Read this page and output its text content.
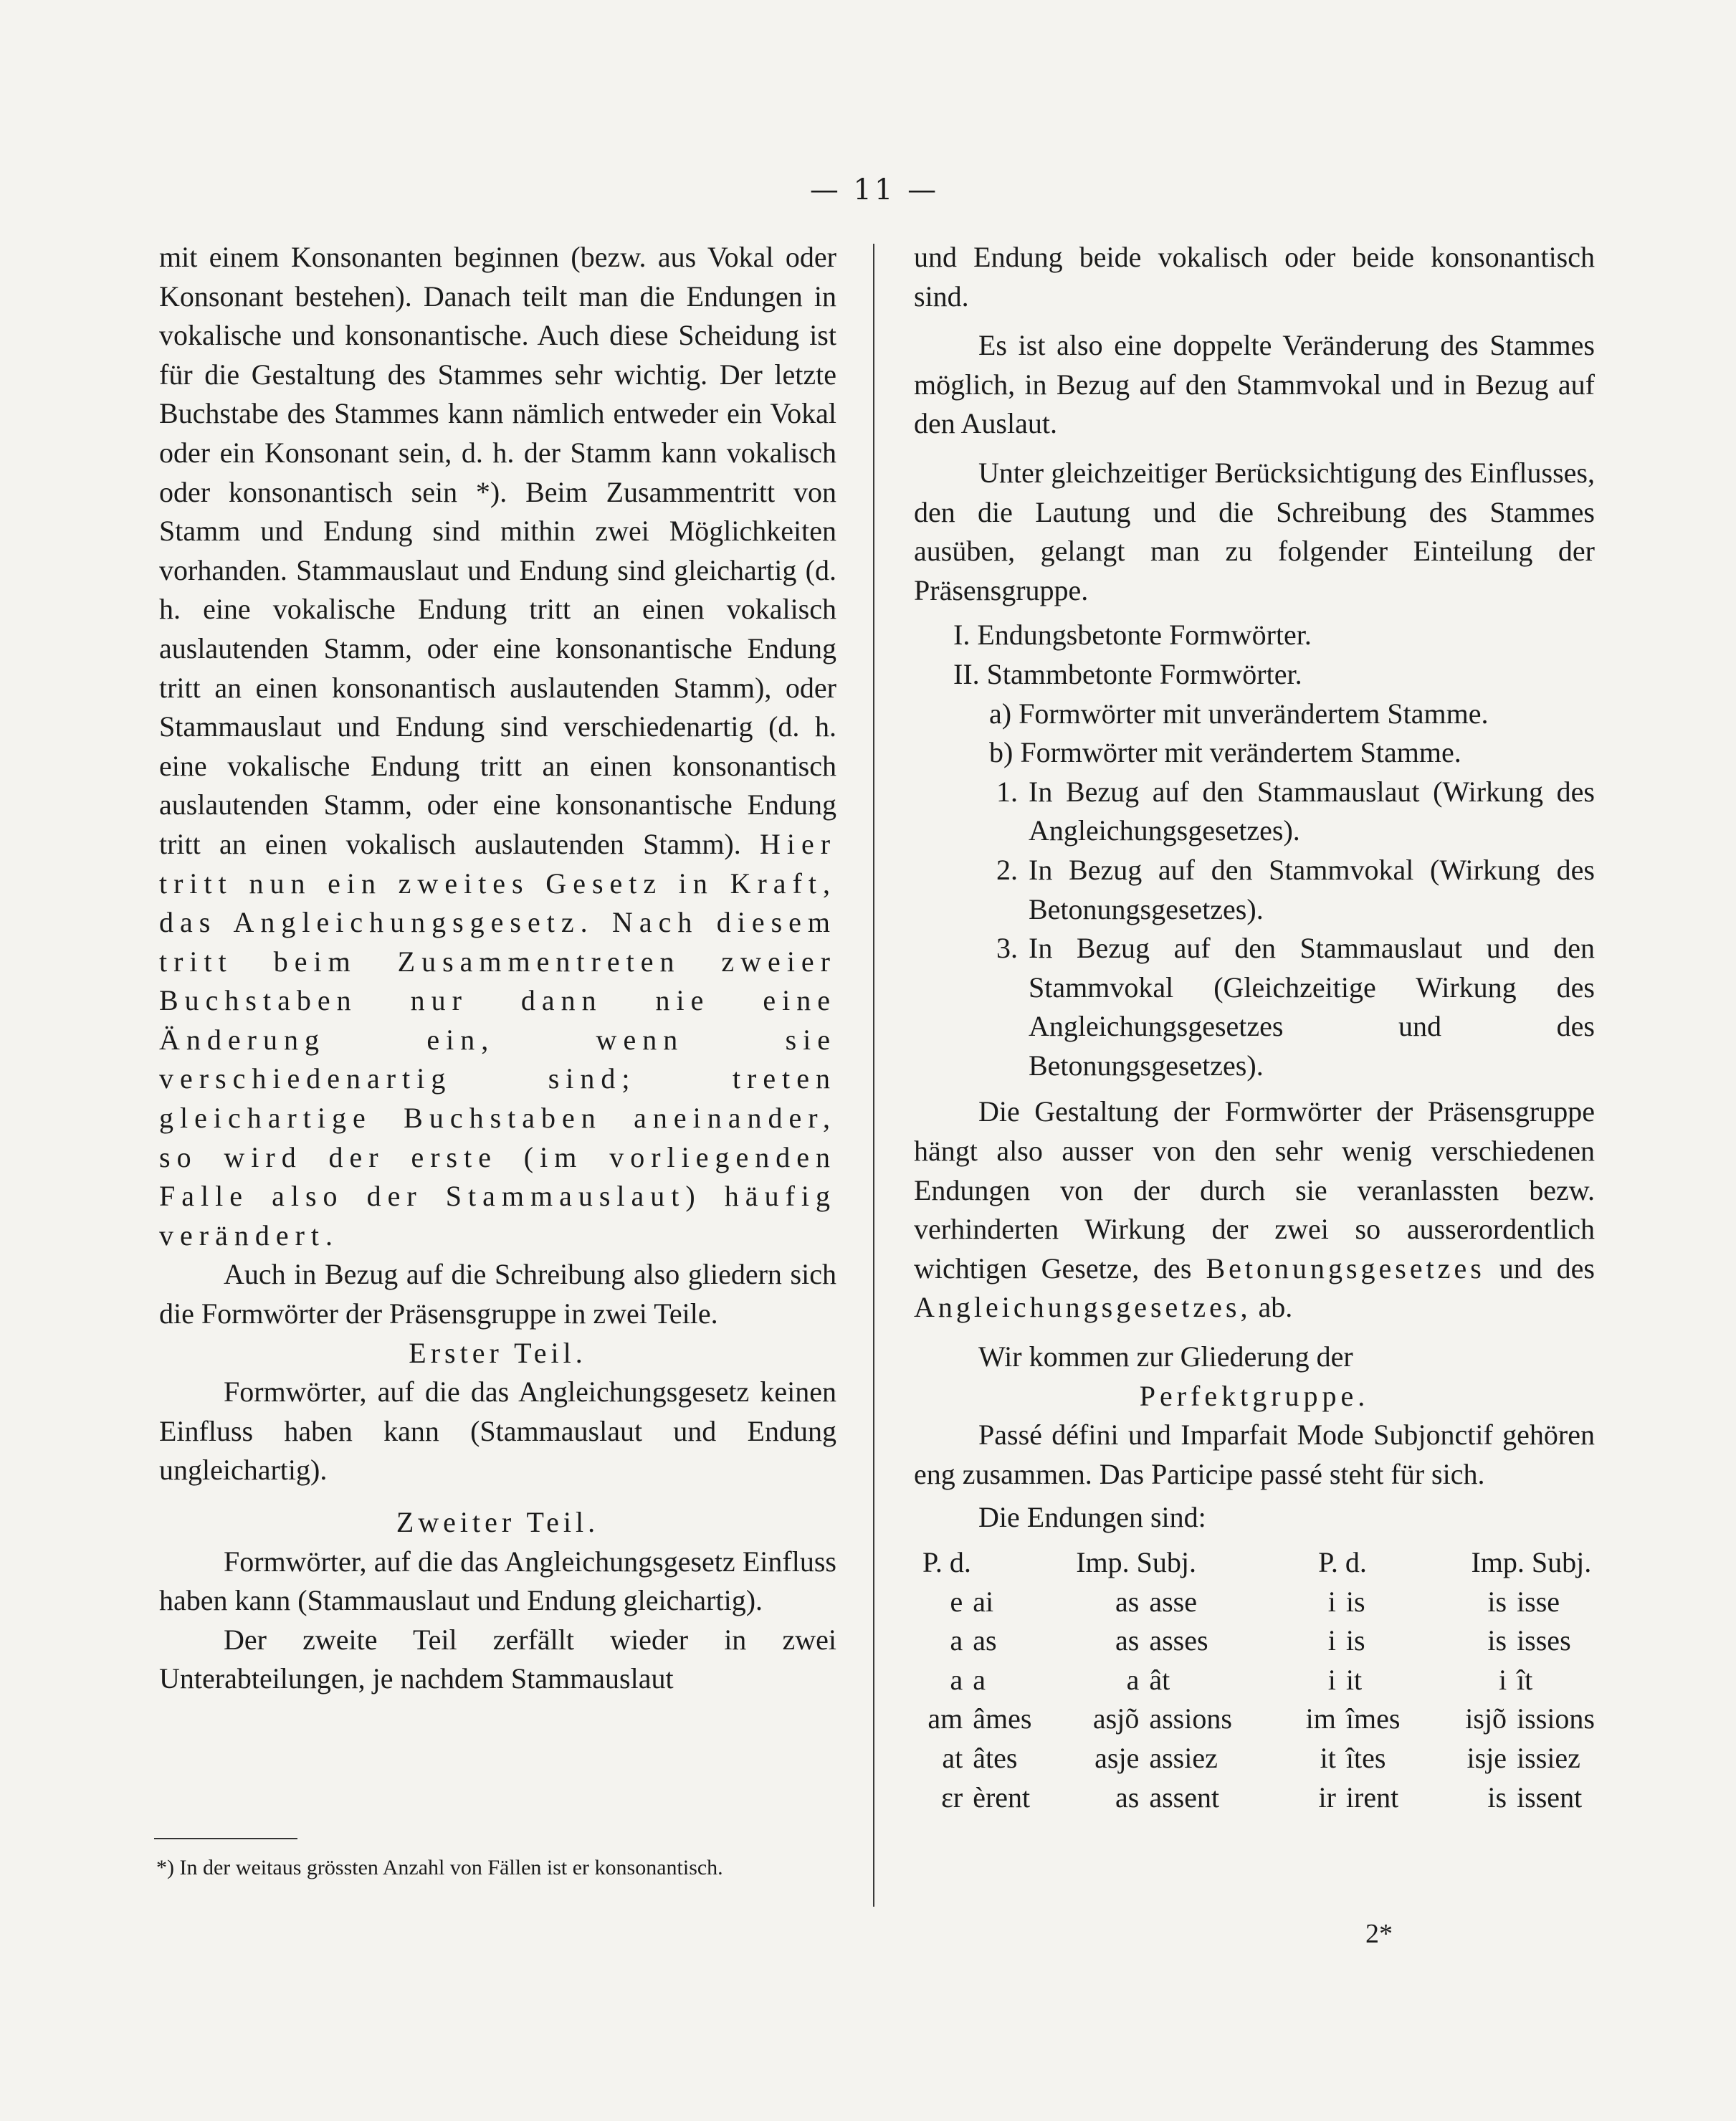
— 11 —

mit einem Konsonanten beginnen (bezw. aus Vokal oder Konsonant bestehen). Danach teilt man die Endungen in vokalische und konsonantische. Auch diese Scheidung ist für die Gestaltung des Stammes sehr wichtig. Der letzte Buchstabe des Stammes kann nämlich entweder ein Vokal oder ein Konsonant sein, d. h. der Stamm kann vokalisch oder konsonantisch sein *). Beim Zusammentritt von Stamm und Endung sind mithin zwei Möglichkeiten vorhanden. Stammauslaut und Endung sind gleichartig (d. h. eine vokalische Endung tritt an einen vokalisch auslautenden Stamm, oder eine konsonantische Endung tritt an einen konsonantisch auslautenden Stamm), oder Stammauslaut und Endung sind verschiedenartig (d. h. eine vokalische Endung tritt an einen konsonantisch auslautenden Stamm, oder eine konsonantische Endung tritt an einen vokalisch auslautenden Stamm). Hier tritt nun ein zweites Gesetz in Kraft, das Angleichungsgesetz. Nach diesem tritt beim Zusammentreten zweier Buchstaben nur dann nie eine Änderung ein, wenn sie verschiedenartig sind; treten gleichartige Buchstaben aneinander, so wird der erste (im vorliegenden Falle also der Stammauslaut) häufig verändert.

Auch in Bezug auf die Schreibung also gliedern sich die Formwörter der Präsensgruppe in zwei Teile.

Erster Teil.

Formwörter, auf die das Angleichungsgesetz keinen Einfluss haben kann (Stammauslaut und Endung ungleichartig).

Zweiter Teil.

Formwörter, auf die das Angleichungsgesetz Einfluss haben kann (Stammauslaut und Endung gleichartig).

Der zweite Teil zerfällt wieder in zwei Unterabteilungen, je nachdem Stammauslaut

*) In der weitaus grössten Anzahl von Fällen ist er konsonantisch.

und Endung beide vokalisch oder beide konsonantisch sind.

Es ist also eine doppelte Veränderung des Stammes möglich, in Bezug auf den Stammvokal und in Bezug auf den Auslaut.

Unter gleichzeitiger Berücksichtigung des Einflusses, den die Lautung und die Schreibung des Stammes ausüben, gelangt man zu folgender Einteilung der Präsensgruppe.

I. Endungsbetonte Formwörter.

II. Stammbetonte Formwörter.

a) Formwörter mit unverändertem Stamme.

b) Formwörter mit verändertem Stamme.

1. In Bezug auf den Stammauslaut (Wirkung des Angleichungsgesetzes).

2. In Bezug auf den Stammvokal (Wirkung des Betonungsgesetzes).

3. In Bezug auf den Stammauslaut und den Stammvokal (Gleichzeitige Wirkung des Angleichungsgesetzes und des Betonungsgesetzes).

Die Gestaltung der Formwörter der Präsensgruppe hängt also ausser von den sehr wenig verschiedenen Endungen von der durch sie veranlassten bezw. verhinderten Wirkung der zwei so ausserordentlich wichtigen Gesetze, des Betonungsgesetzes und des Angleichungsgesetzes, ab.

Wir kommen zur Gliederung der

Perfektgruppe.

Passé défini und Imparfait Mode Subjonctif gehören eng zusammen. Das Participe passé steht für sich.

Die Endungen sind:

P. d.		Imp. Subj.		P. d.		Imp. Subj.	
e	ai	as	asse	i	is	is	isse
a	as	as	asses	i	is	is	isses
a	a	a	ât	i	it	i	ît
am	âmes	asjõ	assions	im	îmes	isjõ	issions
at	âtes	asje	assiez	it	îtes	isje	issiez
ɛr	èrent	as	assent	ir	irent	is	issent
2*
